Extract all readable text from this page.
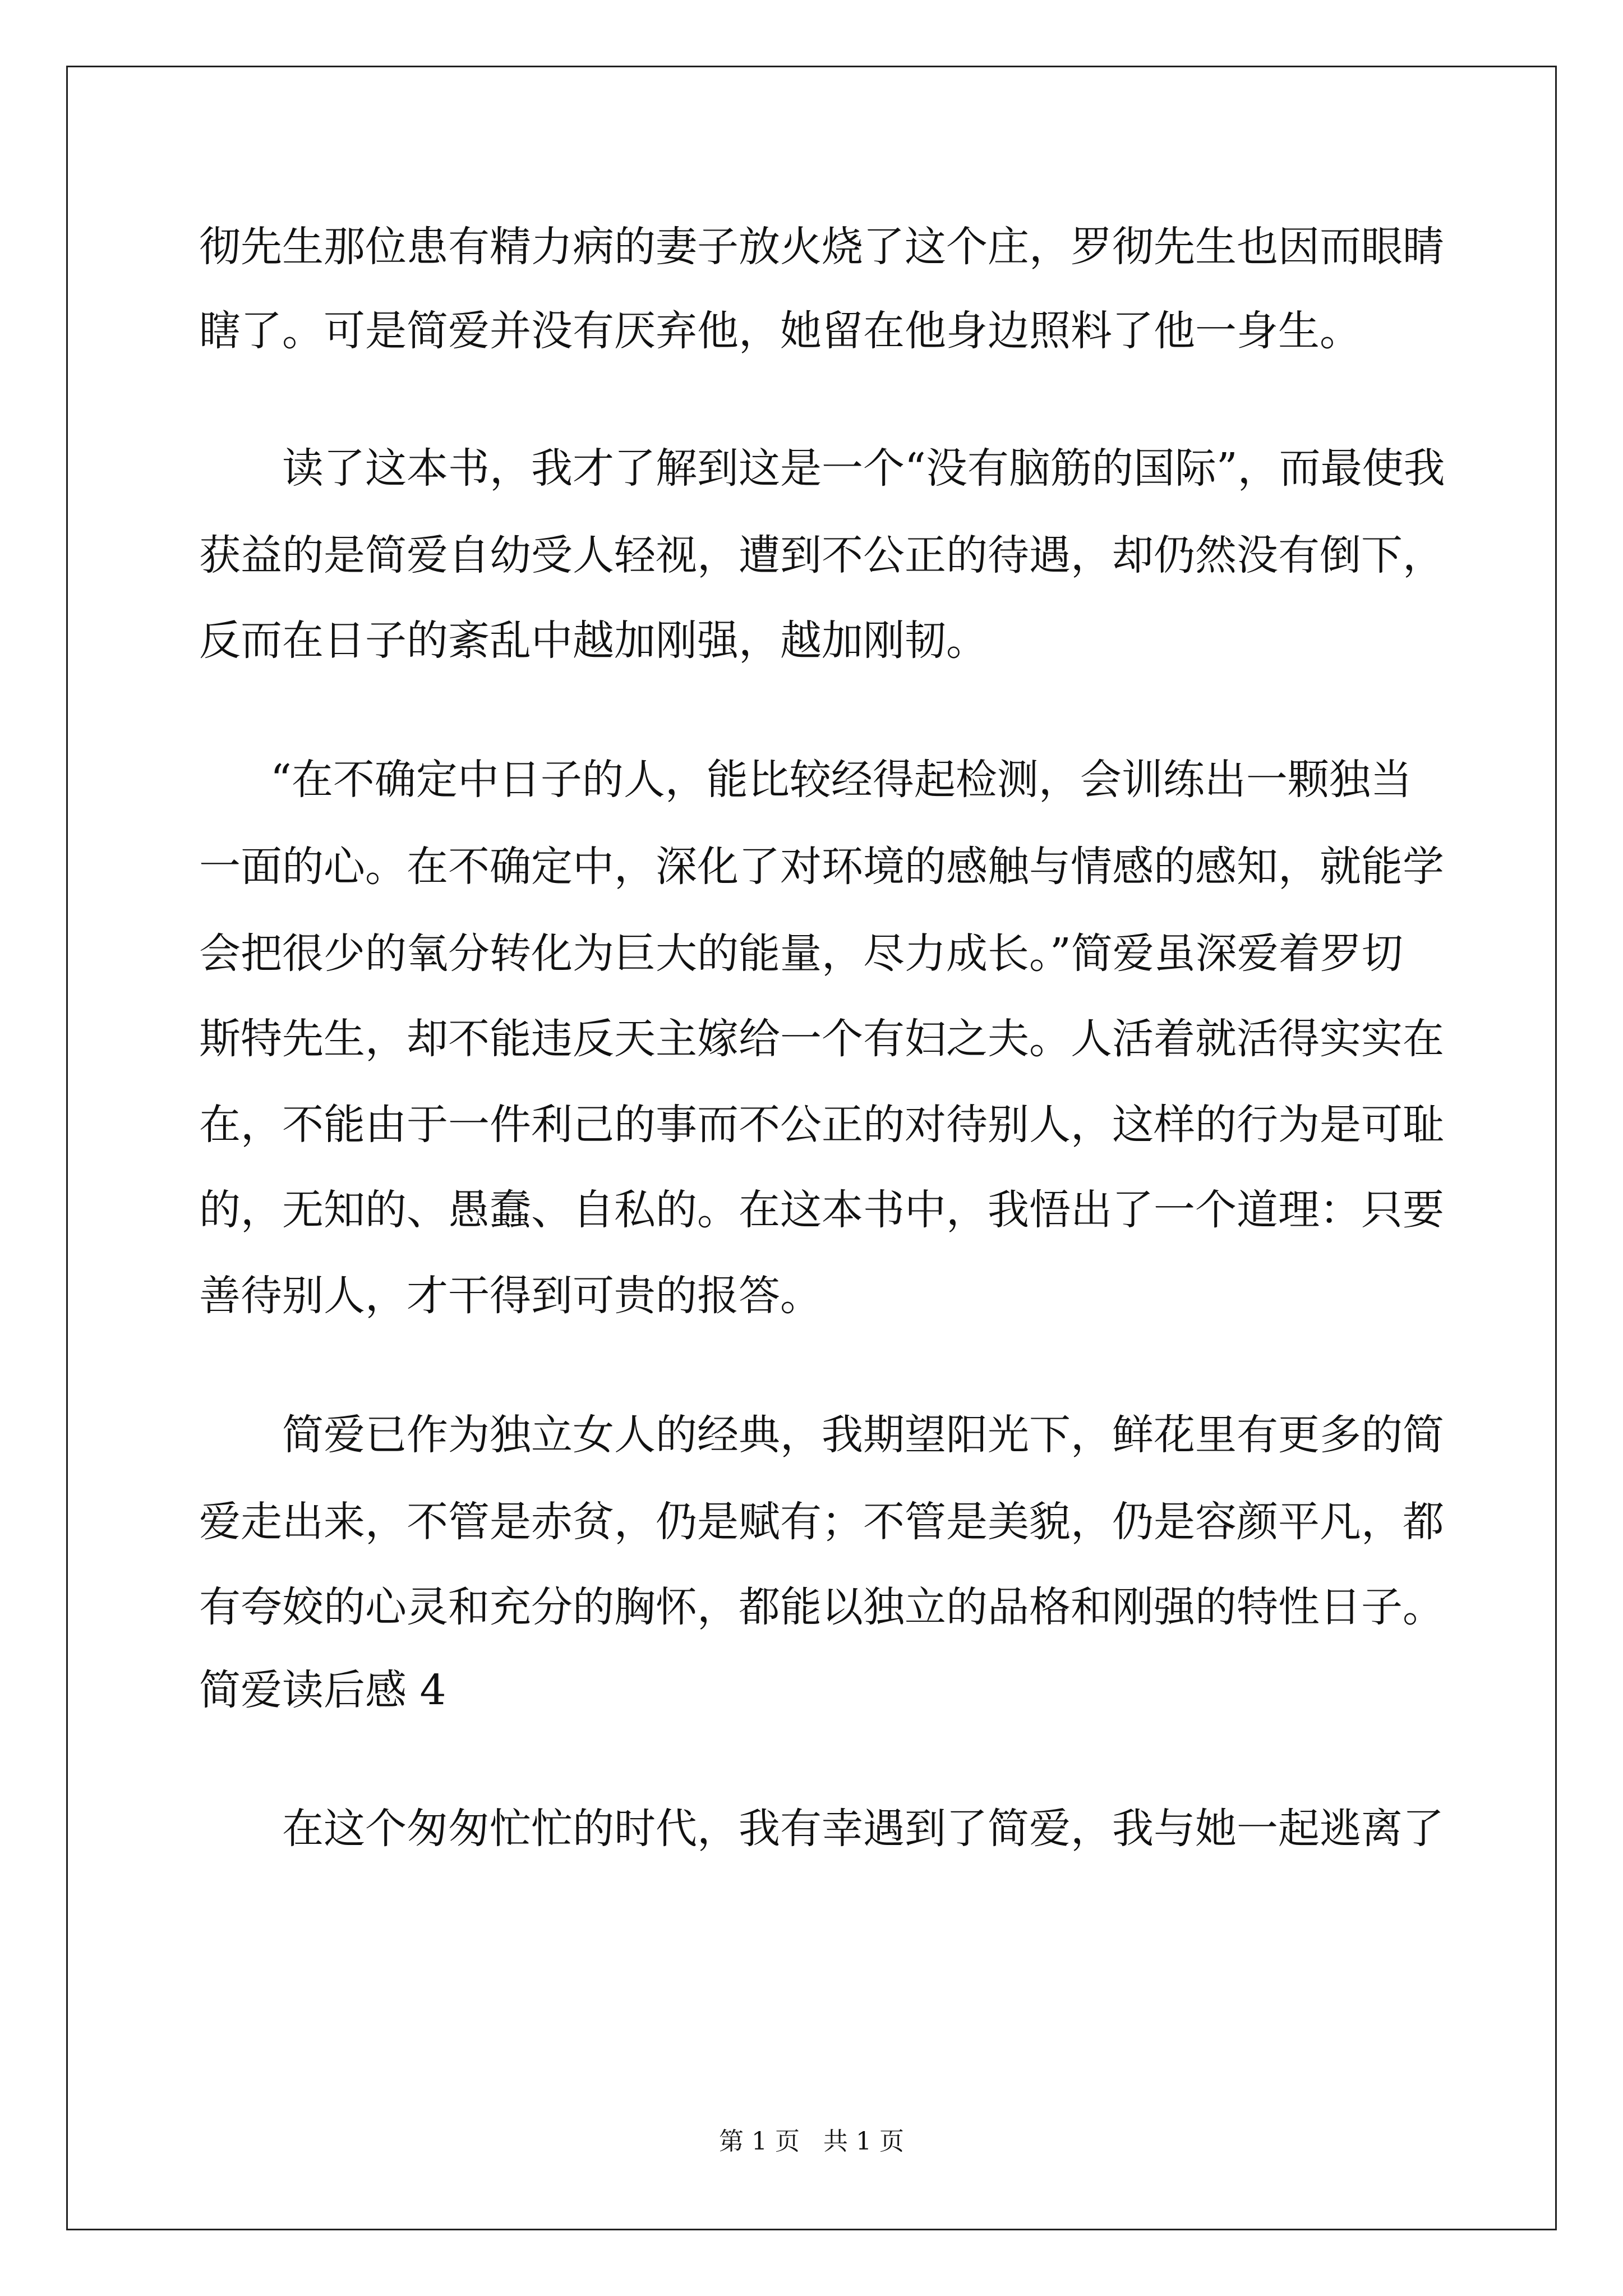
彻先生那位患有精力病的妻子放火烧了这个庄，罗彻先生也因而眼睛
瞎了。可是简爱并没有厌弃他，她留在他身边照料了他一身生。
读了这本书，我才了解到这是一个“没有脑筋的国际”，而最使我
获益的是简爱自幼受人轻视，遭到不公正的待遇，却仍然没有倒下，
反而在日子的紊乱中越加刚强，越加刚韧。
“在不确定中日子的人，能比较经得起检测，会训练出一颗独当
一面的心。在不确定中，深化了对环境的感触与情感的感知，就能学
会把很少的氧分转化为巨大的能量，尽力成长。”简爱虽深爱着罗切
斯特先生，却不能违反天主嫁给一个有妇之夫。人活着就活得实实在
在，不能由于一件利己的事而不公正的对待别人，这样的行为是可耻
的，无知的、愚蠢、自私的。在这本书中，我悟出了一个道理：只要
善待别人，才干得到可贵的报答。
简爱已作为独立女人的经典，我期望阳光下，鲜花里有更多的简
爱走出来，不管是赤贫，仍是赋有；不管是美貌，仍是容颜平凡，都
有夸姣的心灵和充分的胸怀，都能以独立的品格和刚强的特性日子。
简爱读后感 4
在这个匆匆忙忙的时代，我有幸遇到了简爱，我与她一起逃离了
第 1 页 共 1 页
